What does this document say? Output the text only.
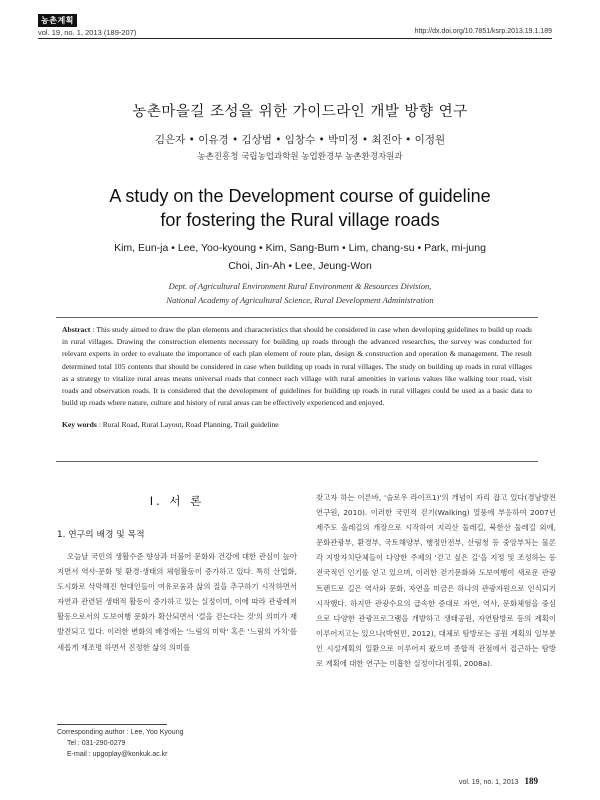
농촌계획
vol. 19, no. 1, 2013 (189-207)	http://dx.doi.org/10.7851/ksrp.2013.19.1.189
농촌마을길 조성을 위한 가이드라인 개발 방향 연구
김은자 • 이유경 • 김상범 • 임창수 • 박미정 • 최진아 • 이정원
농촌진흥청 국립농업과학원 농업환경부 농촌환경자원과
A study on the Development course of guideline
for fostering the Rural village roads
Kim, Eun-ja • Lee, Yoo-kyoung • Kim, Sang-Bum • Lim, chang-su • Park, mi-jung
Choi, Jin-Ah • Lee, Jeung-Won
Dept. of Agricultural Environment Rural Environment & Resources Division,
National Academy of Agricultural Science, Rural Development Administration

Abstract : This study aimed to draw the plan elements and characteristics that should be considered in case when developing guidelines to build up roads in rural villages. Drawing the construction elements necessary for building up roads through the advanced researches, the survey was conducted for relevant experts in order to evaluate the importance of each plan element of route plan, design & construction and operation & management. The result determined total 105 contents that should be considered in case when building up roads in rural villages. The study on building up roads in rural villages as a strategy to vitalize rural areas means universal roads that connect each village with rural amenities in various values like walking tour road, visit roads and observation roads. It is considered that the development of guidelines for building up roads in rural villages could be used as a basic data to build up roads where nature, culture and history of rural areas can be effectively experienced and enjoyed.

Key words : Rural Road, Rural Layout, Road Planning, Trail guideline

Ⅰ. 서 론
1. 연구의 배경 및 목적

오늘날 국민의 생활수준 향상과 더불어 문화와 건강에 대한 관심이 높아지면서 역사·문화 및 환경·생태의 체험활동이 증가하고 있다. 특히 산업화, 도시화로 삭막해진 현대인들이 여유로움과 삶의 질을 추구하기 시작하면서 자연과 관련된 생태적 활동이 증가하고 있는 실정이며, 이에 따라 관광레저 활동으로서의 도보여행 문화가 확산되면서 '걸을 걷는다는 것'의 의미가 재발견되고 있다. 이러한 변화의 배경에는 '느림의 미학' 혹은 '느림의 가치'를 새롭게 재조명 하면서 진정한 삶의 의미를

찾고자 하는 이른바, '슬로우 라이프1)'의 개념이 자리 잡고 있다(경남발전연구원, 2010). 이러한 국민적 걷기(Walking) 열풍에 부응하여 2007년 제주도 올레길의 개장으로 시작하여 지리산 둘레길, 북한산 둘레길 외에, 문화관광부, 환경부, 국토해양부, 행정안전부, 산림청 등 중앙부처는 물론 각 지방자치단체들이 다양한 주제의 '걷고 싶은 길'을 지정 및 조성하는 등 전국적인 인기를 얻고 있으며, 이러한 걷기문화와 도보여행이 새로운 관광트렌드로 길은 역사와 문화, 자연을 미금은 하나의 관광자원으로 인식되기 시작했다. 하지만 관광수요의 급속한 증대로 자연, 역사, 문화체험을 중심으로 다양한 관광프로그램을 개발하고 생태공원, 자연탐방로 등의 계획이 이루어지고는 있으나(박현민, 2012), 대체로 탐방로는 공원 계획의 일부분인 시설계획의 일환으로 이루어져 왔으며 종합적 관점에서 접근하는 탐방로 계획에 대한 연구는 미흡한 실정이다(정휘, 2008a).

Corresponding author : Lee, Yoo Kyoung
Tel : 031-290-0279
E-mail : upgoplay@konkuk.ac.kr
vol. 19, no. 1, 2013 189
